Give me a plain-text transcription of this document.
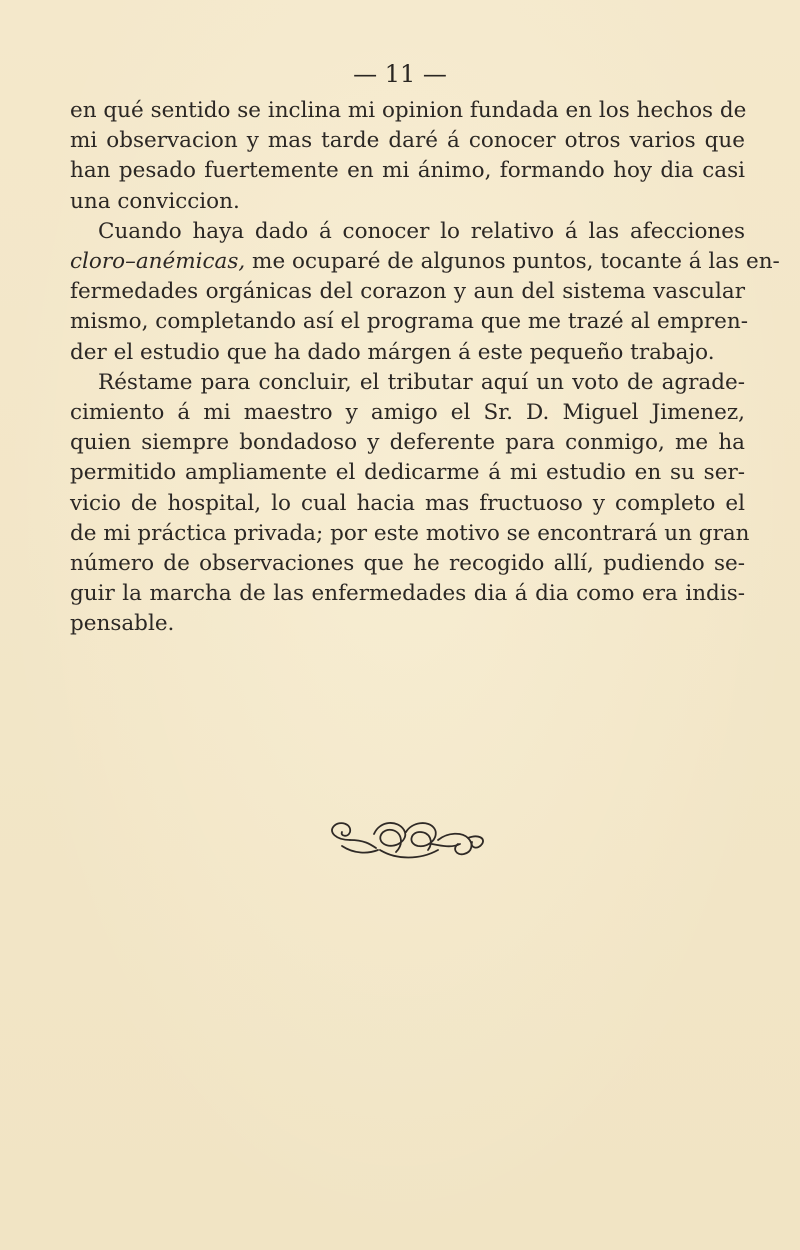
— 11 —
en qué sentido se inclina mi opinion fundada en los hechos de
mi observacion y mas tarde daré á conocer otros varios que
han pesado fuertemente en mi ánimo, formando hoy dia casi
una conviccion.
Cuando haya dado á conocer lo relativo á las afecciones
cloro–anémicas, me ocuparé de algunos puntos, tocante á las en-
fermedades orgánicas del corazon y aun del sistema vascular
mismo, completando así el programa que me trazé al empren-
der el estudio que ha dado márgen á este pequeño trabajo.
Réstame para concluir, el tributar aquí un voto de agrade-
cimiento á mi maestro y amigo el Sr. D. Miguel Jimenez,
quien siempre bondadoso y deferente para conmigo, me ha
permitido ampliamente el dedicarme á mi estudio en su ser-
vicio de hospital, lo cual hacia mas fructuoso y completo el
de mi práctica privada; por este motivo se encontrará un gran
número de observaciones que he recogido allí, pudiendo se-
guir la marcha de las enfermedades dia á dia como era indis-
pensable.
